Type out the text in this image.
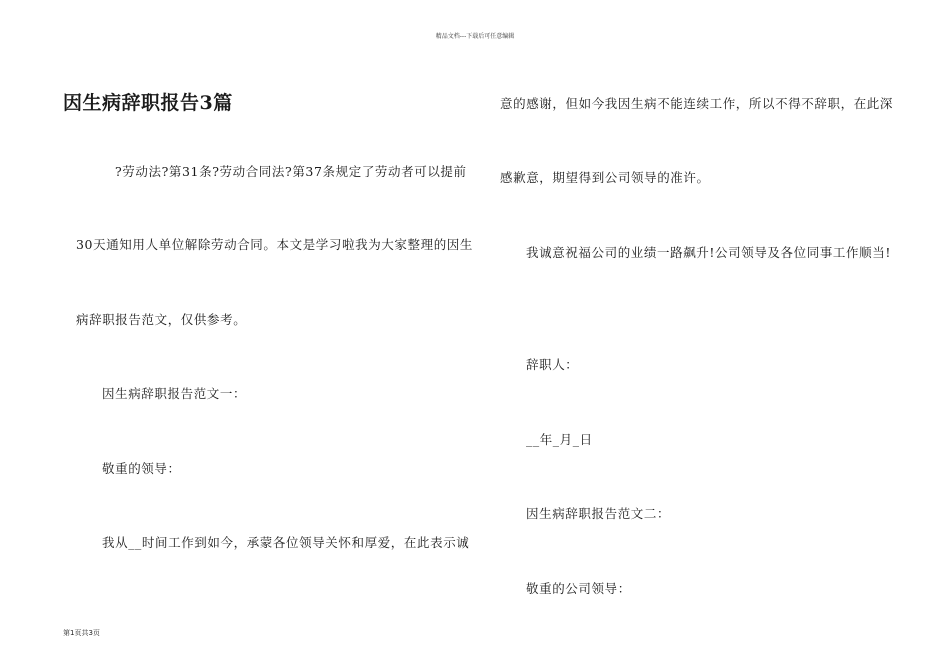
精品文档---下载后可任意编辑
因生病辞职报告3篇
?劳动法?第31条?劳动合同法?第37条规定了劳动者可以提前
30天通知用人单位解除劳动合同。本文是学习啦我为大家整理的因生
病辞职报告范文，仅供参考。
因生病辞职报告范文一：
敬重的领导：
我从__时间工作到如今，承蒙各位领导关怀和厚爱，在此表示诚
意的感谢，但如今我因生病不能连续工作，所以不得不辞职，在此深
感歉意，期望得到公司领导的准许。
我诚意祝福公司的业绩一路飙升!公司领导及各位同事工作顺当!
辞职人：
__年_月_日
因生病辞职报告范文二：
敬重的公司领导：
第1页共3页
